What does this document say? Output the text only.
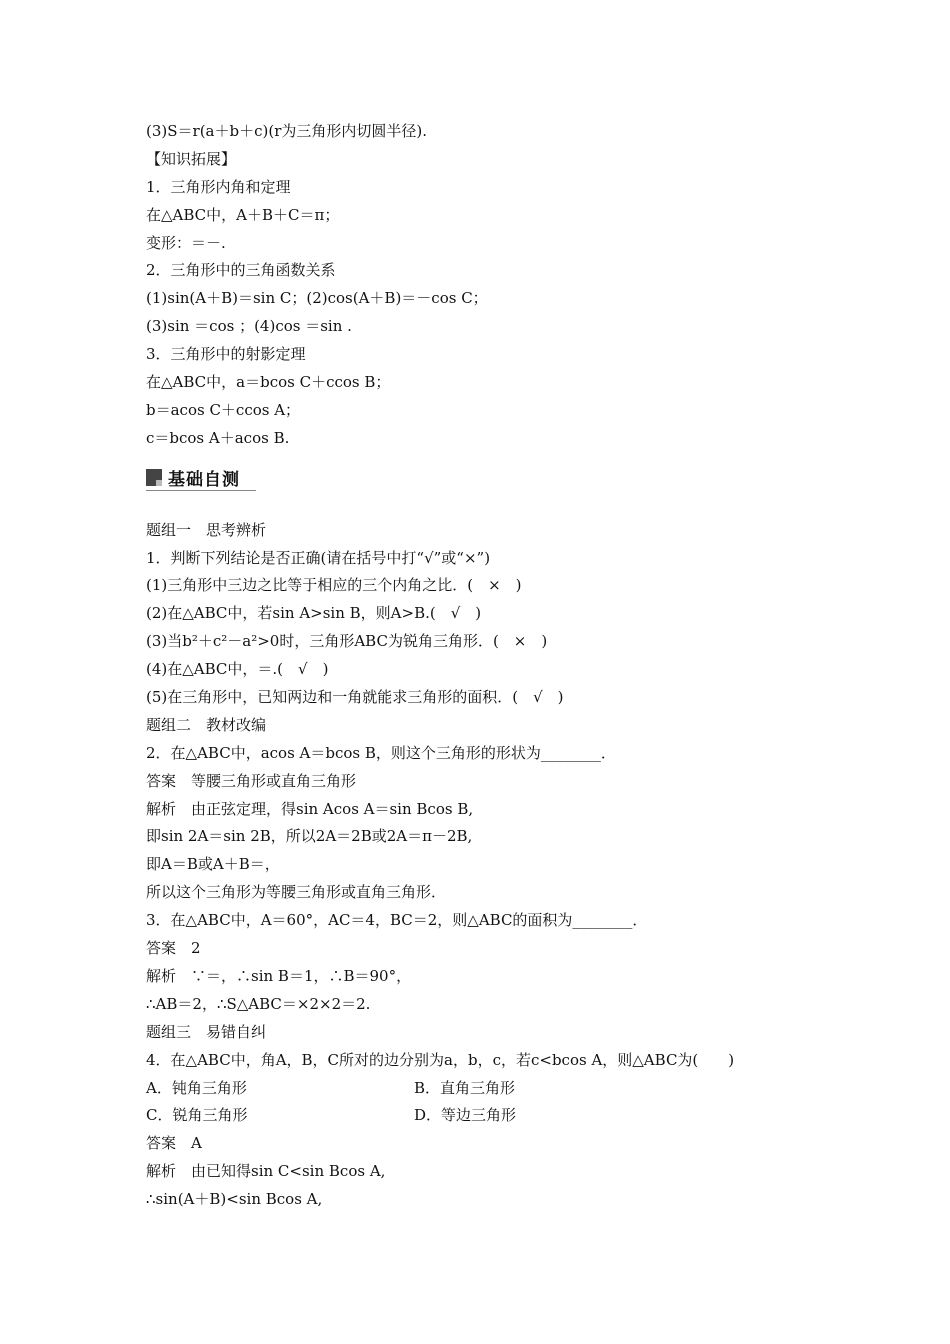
(3)S＝r(a＋b＋c)(r为三角形内切圆半径).
【知识拓展】
1．三角形内角和定理
在△ABC中，A＋B＋C＝π；
变形：＝－.
2．三角形中的三角函数关系
(1)sin(A＋B)＝sin C；(2)cos(A＋B)＝－cos C；
(3)sin ＝cos ；(4)cos ＝sin .
3．三角形中的射影定理
在△ABC中，a＝bcos C＋ccos B；
b＝acos C＋ccos A；
c＝bcos A＋acos B.
基础自测
题组一　思考辨析
1．判断下列结论是否正确(请在括号中打“√”或“×”)
(1)三角形中三边之比等于相应的三个内角之比．(　×　)
(2)在△ABC中，若sin A>sin B，则A>B.(　√　)
(3)当b²＋c²－a²>0时，三角形ABC为锐角三角形．(　×　)
(4)在△ABC中，＝.(　√　)
(5)在三角形中，已知两边和一角就能求三角形的面积．(　√　)
题组二　教材改编
2．在△ABC中，acos A＝bcos B，则这个三角形的形状为________．
答案　等腰三角形或直角三角形
解析　由正弦定理，得sin Acos A＝sin Bcos B,
即sin 2A＝sin 2B，所以2A＝2B或2A＝π－2B,
即A＝B或A＋B＝，
所以这个三角形为等腰三角形或直角三角形．
3．在△ABC中，A＝60°，AC＝4，BC＝2，则△ABC的面积为________．
答案　2
解析　∵＝，∴sin B＝1，∴B＝90°，
∴AB＝2，∴S△ABC＝×2×2＝2.
题组三　易错自纠
4．在△ABC中，角A，B，C所对的边分别为a，b，c，若c<bcos A，则△ABC为(　　)
A．钝角三角形	B．直角三角形
C．锐角三角形	D．等边三角形
答案　A
解析　由已知得sin C<sin Bcos A,
∴sin(A＋B)<sin Bcos A,
